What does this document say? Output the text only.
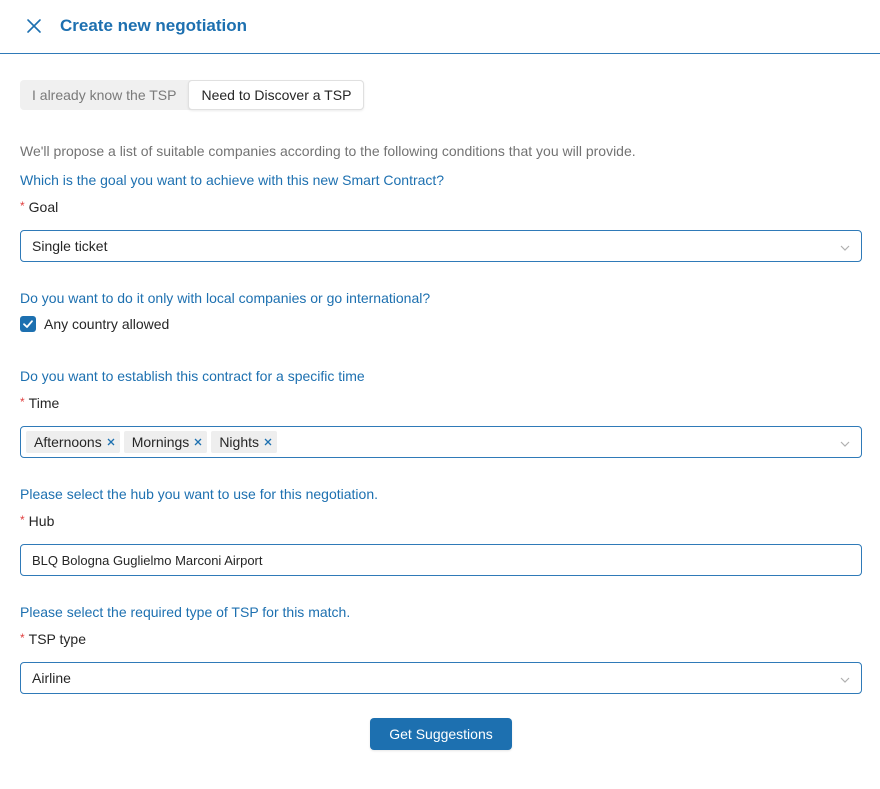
Create new negotiation
I already know the TSP	Need to Discover a TSP
We'll propose a list of suitable companies according to the following conditions that you will provide.
Which is the goal you want to achieve with this new Smart Contract?
* Goal
Single ticket
Do you want to do it only with local companies or go international?
Any country allowed
Do you want to establish this contract for a specific time
* Time
Afternoons Mornings Nights
Please select the hub you want to use for this negotiation.
* Hub
BLQ Bologna Guglielmo Marconi Airport
Please select the required type of TSP for this match.
* TSP type
Airline
Get Suggestions
